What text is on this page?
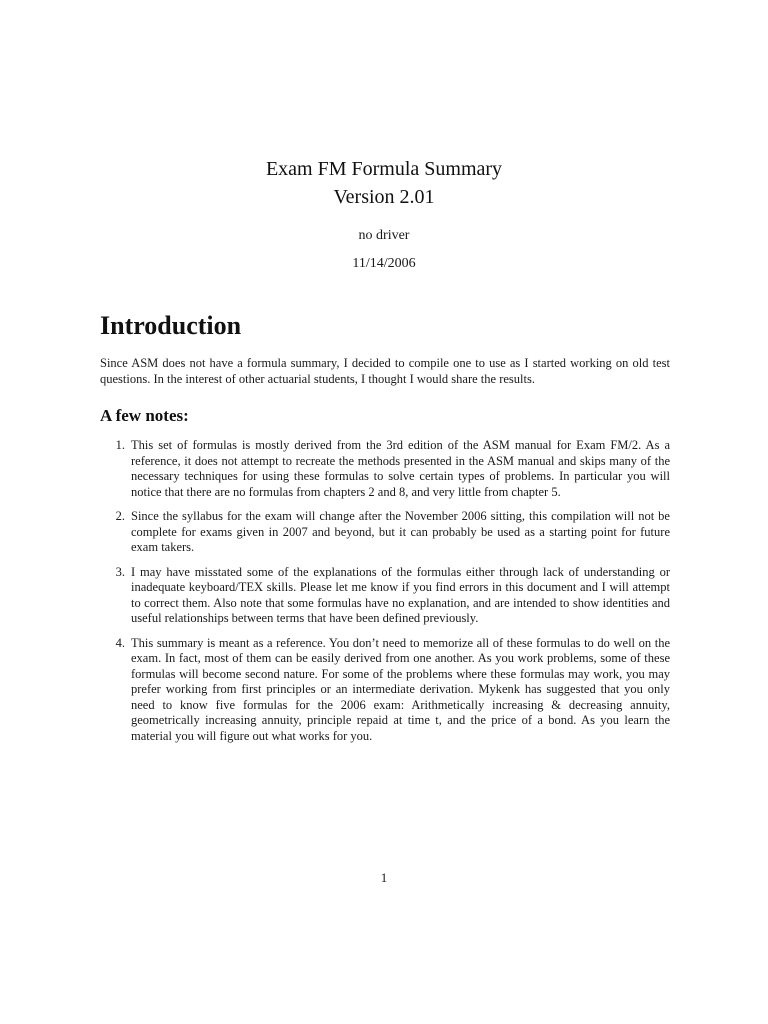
Exam FM Formula Summary
Version 2.01
no driver
11/14/2006
Introduction

Since ASM does not have a formula summary, I decided to compile one to use as I started working on old test questions. In the interest of other actuarial students, I thought I would share the results.

A few notes:
1. This set of formulas is mostly derived from the 3rd edition of the ASM manual for Exam FM/2. As a reference, it does not attempt to recreate the methods presented in the ASM manual and skips many of the necessary techniques for using these formulas to solve certain types of problems. In particular you will notice that there are no formulas from chapters 2 and 8, and very little from chapter 5.
2. Since the syllabus for the exam will change after the November 2006 sitting, this compilation will not be complete for exams given in 2007 and beyond, but it can probably be used as a starting point for future exam takers.
3. I may have misstated some of the explanations of the formulas either through lack of understanding or inadequate keyboard/TEX skills. Please let me know if you find errors in this document and I will attempt to correct them. Also note that some formulas have no explanation, and are intended to show identities and useful relationships between terms that have been defined previously.
4. This summary is meant as a reference. You don’t need to memorize all of these formulas to do well on the exam. In fact, most of them can be easily derived from one another. As you work problems, some of these formulas will become second nature. For some of the problems where these formulas may work, you may prefer working from first principles or an intermediate derivation. Mykenk has suggested that you only need to know five formulas for the 2006 exam: Arithmetically increasing & decreasing annuity, geometrically increasing annuity, principle repaid at time t, and the price of a bond. As you learn the material you will figure out what works for you.
1
